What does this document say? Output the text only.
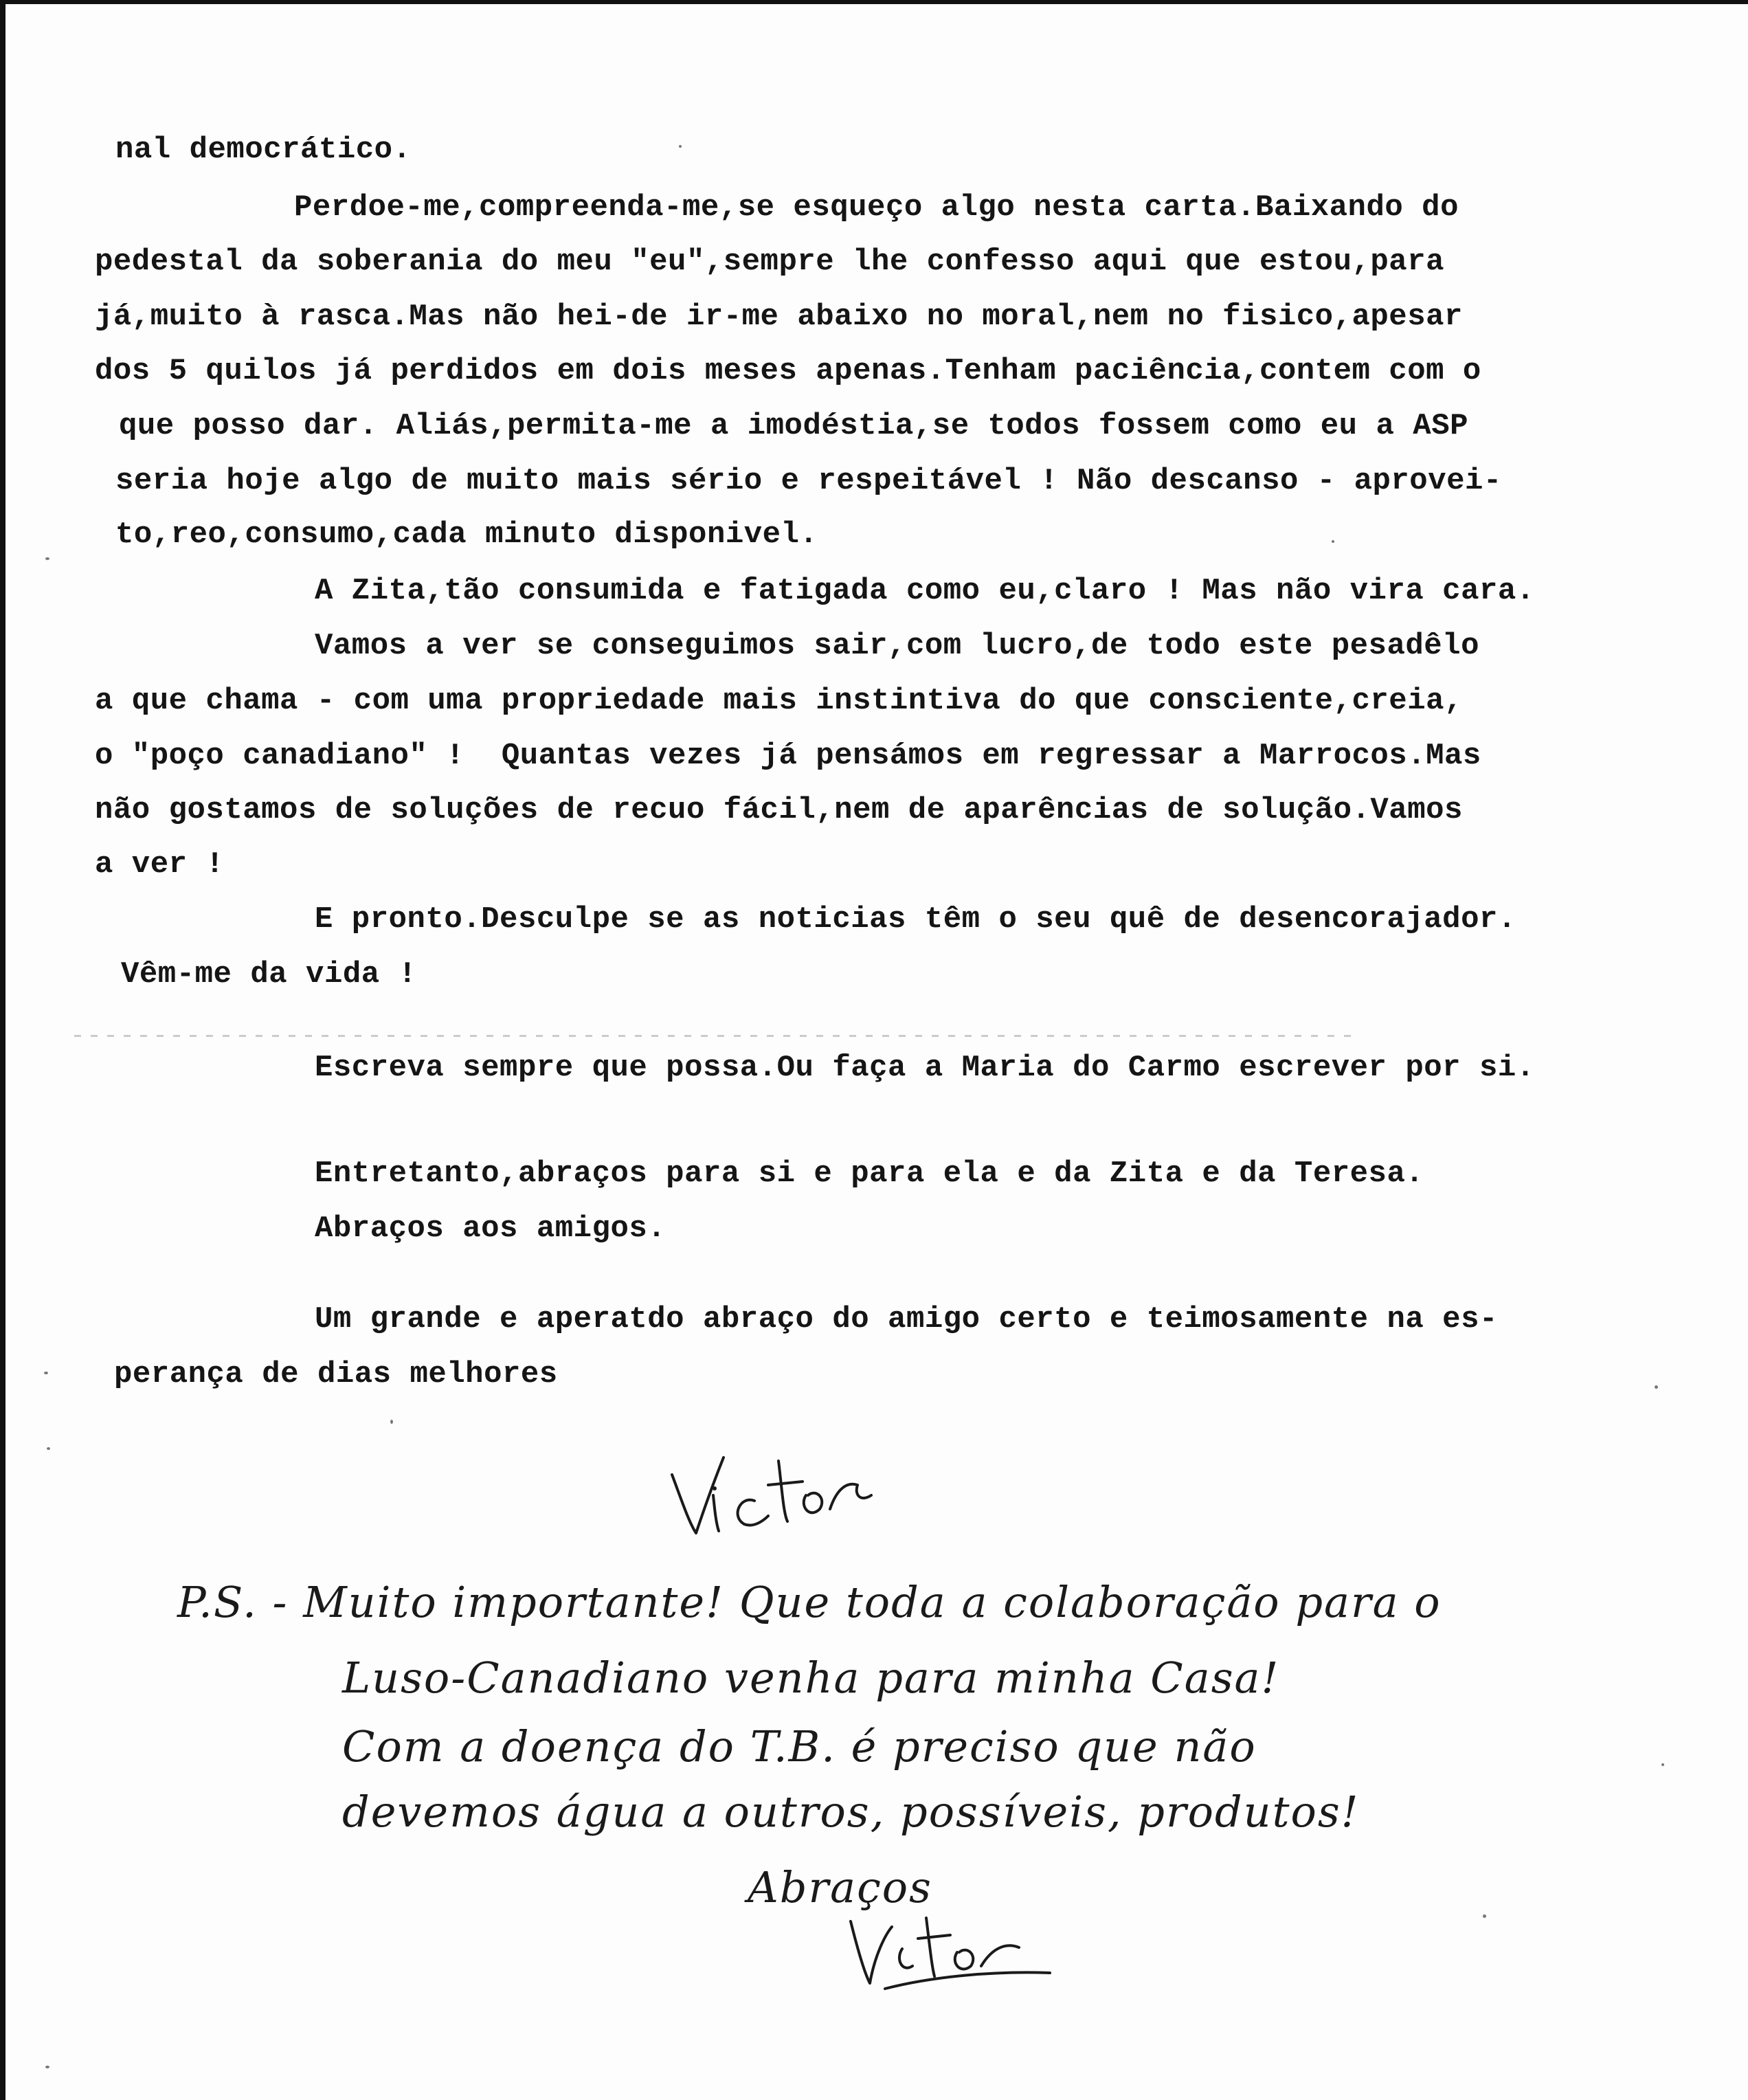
nal democrático.
Perdoe-me,compreenda-me,se esqueço algo nesta carta.Baixando do
pedestal da soberania do meu "eu",sempre lhe confesso aqui que estou,para
já,muito à rasca.Mas não hei-de ir-me abaixo no moral,nem no fisico,apesar
dos 5 quilos já perdidos em dois meses apenas.Tenham paciência,contem com o
que posso dar. Aliás,permita-me a imodéstia,se todos fossem como eu a ASP
seria hoje algo de muito mais sério e respeitável ! Não descanso - aprovei-
to,reo,consumo,cada minuto disponivel.
A Zita,tão consumida e fatigada como eu,claro ! Mas não vira cara.
Vamos a ver se conseguimos sair,com lucro,de todo este pesadêlo
a que chama - com uma propriedade mais instintiva do que consciente,creia,
o "poço canadiano" !  Quantas vezes já pensámos em regressar a Marrocos.Mas
não gostamos de soluções de recuo fácil,nem de aparências de solução.Vamos
a ver !
E pronto.Desculpe se as noticias têm o seu quê de desencorajador.
Vêm-me da vida !
Escreva sempre que possa.Ou faça a Maria do Carmo escrever por si.
Entretanto,abraços para si e para ela e da Zita e da Teresa.
Abraços aos amigos.
Um grande e aperatdo abraço do amigo certo e teimosamente na es-
perança de dias melhores
P.S. - Muito importante! Que toda a colaboração para o
Luso-Canadiano venha para minha Casa!
Com a doença do T.B. é preciso que não
devemos água a outros, possíveis, produtos!
Abraços
